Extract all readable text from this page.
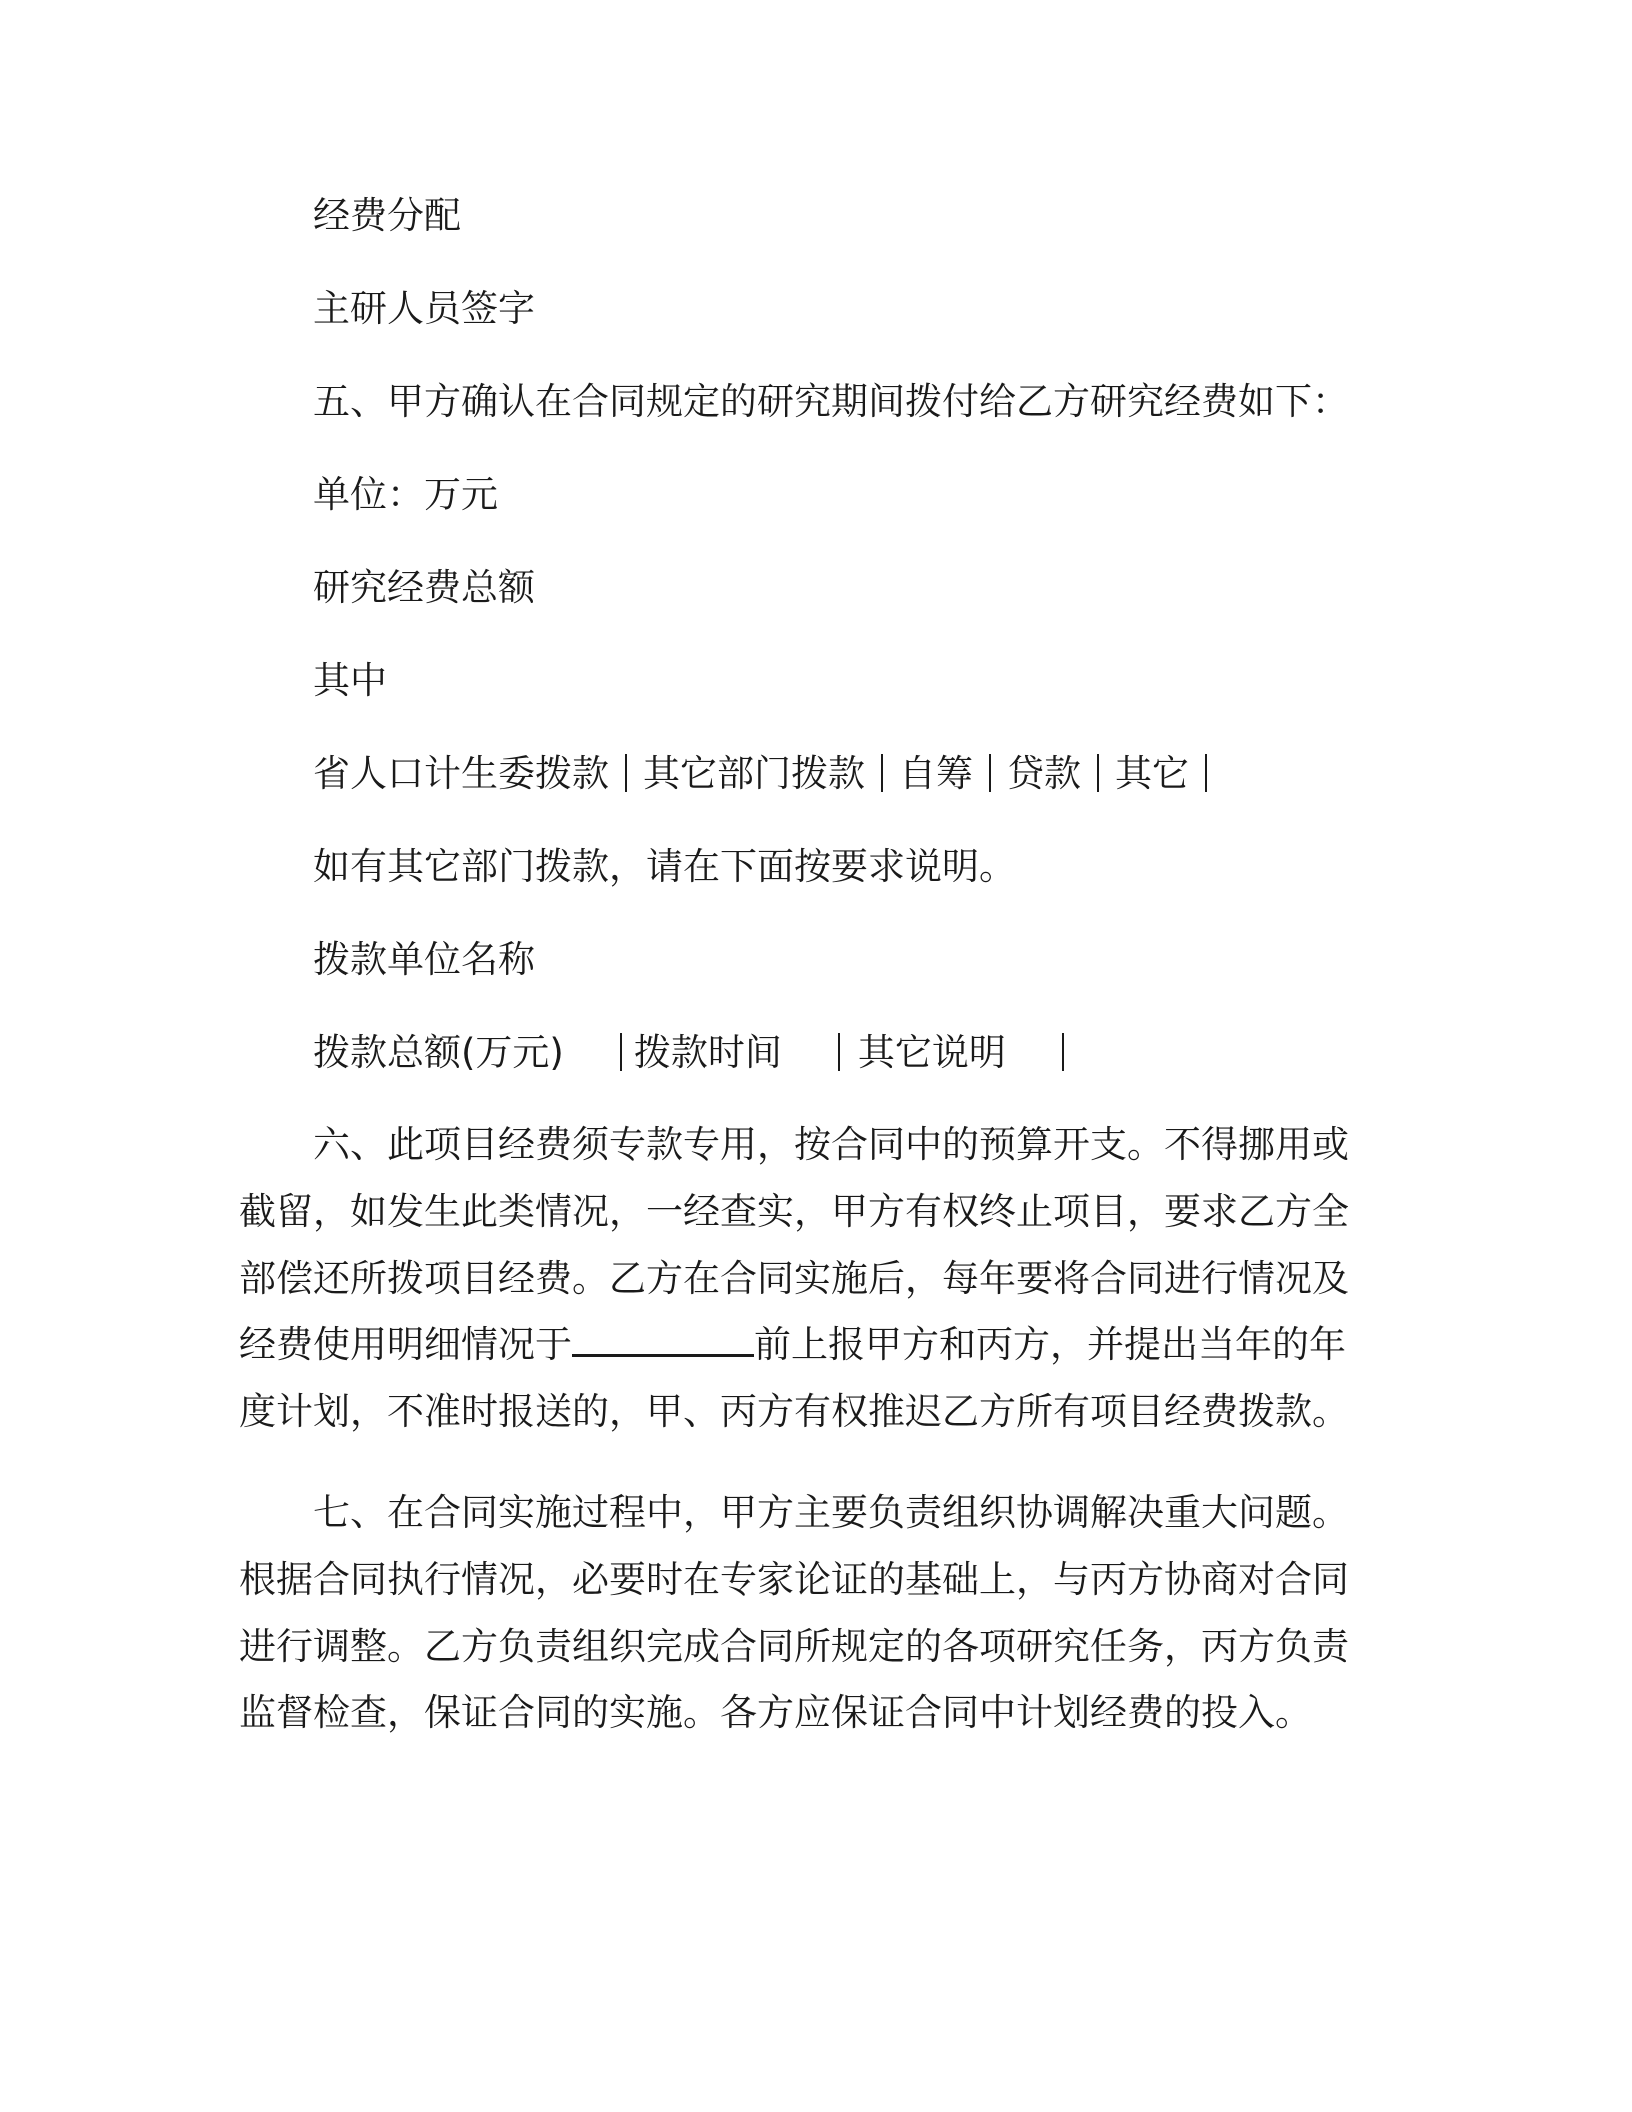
经费分配
主研人员签字
五、甲方确认在合同规定的研究期间拨付给乙方研究经费如下：
单位：万元
研究经费总额
其中
省人口计生委拨款 其它部门拨款 自筹 贷款 其它
如有其它部门拨款，请在下面按要求说明。
拨款单位名称
拨款总额(万元) 拨款时间 其它说明
六、此项目经费须专款专用，按合同中的预算开支。不得挪用或
截留，如发生此类情况，一经查实，甲方有权终止项目，要求乙方全
部偿还所拨项目经费。乙方在合同实施后，每年要将合同进行情况及
经费使用明细情况于	前上报甲方和丙方，并提出当年的年
度计划，不准时报送的，甲、丙方有权推迟乙方所有项目经费拨款。
七、在合同实施过程中，甲方主要负责组织协调解决重大问题。
根据合同执行情况，必要时在专家论证的基础上，与丙方协商对合同
进行调整。乙方负责组织完成合同所规定的各项研究任务，丙方负责
监督检查，保证合同的实施。各方应保证合同中计划经费的投入。
